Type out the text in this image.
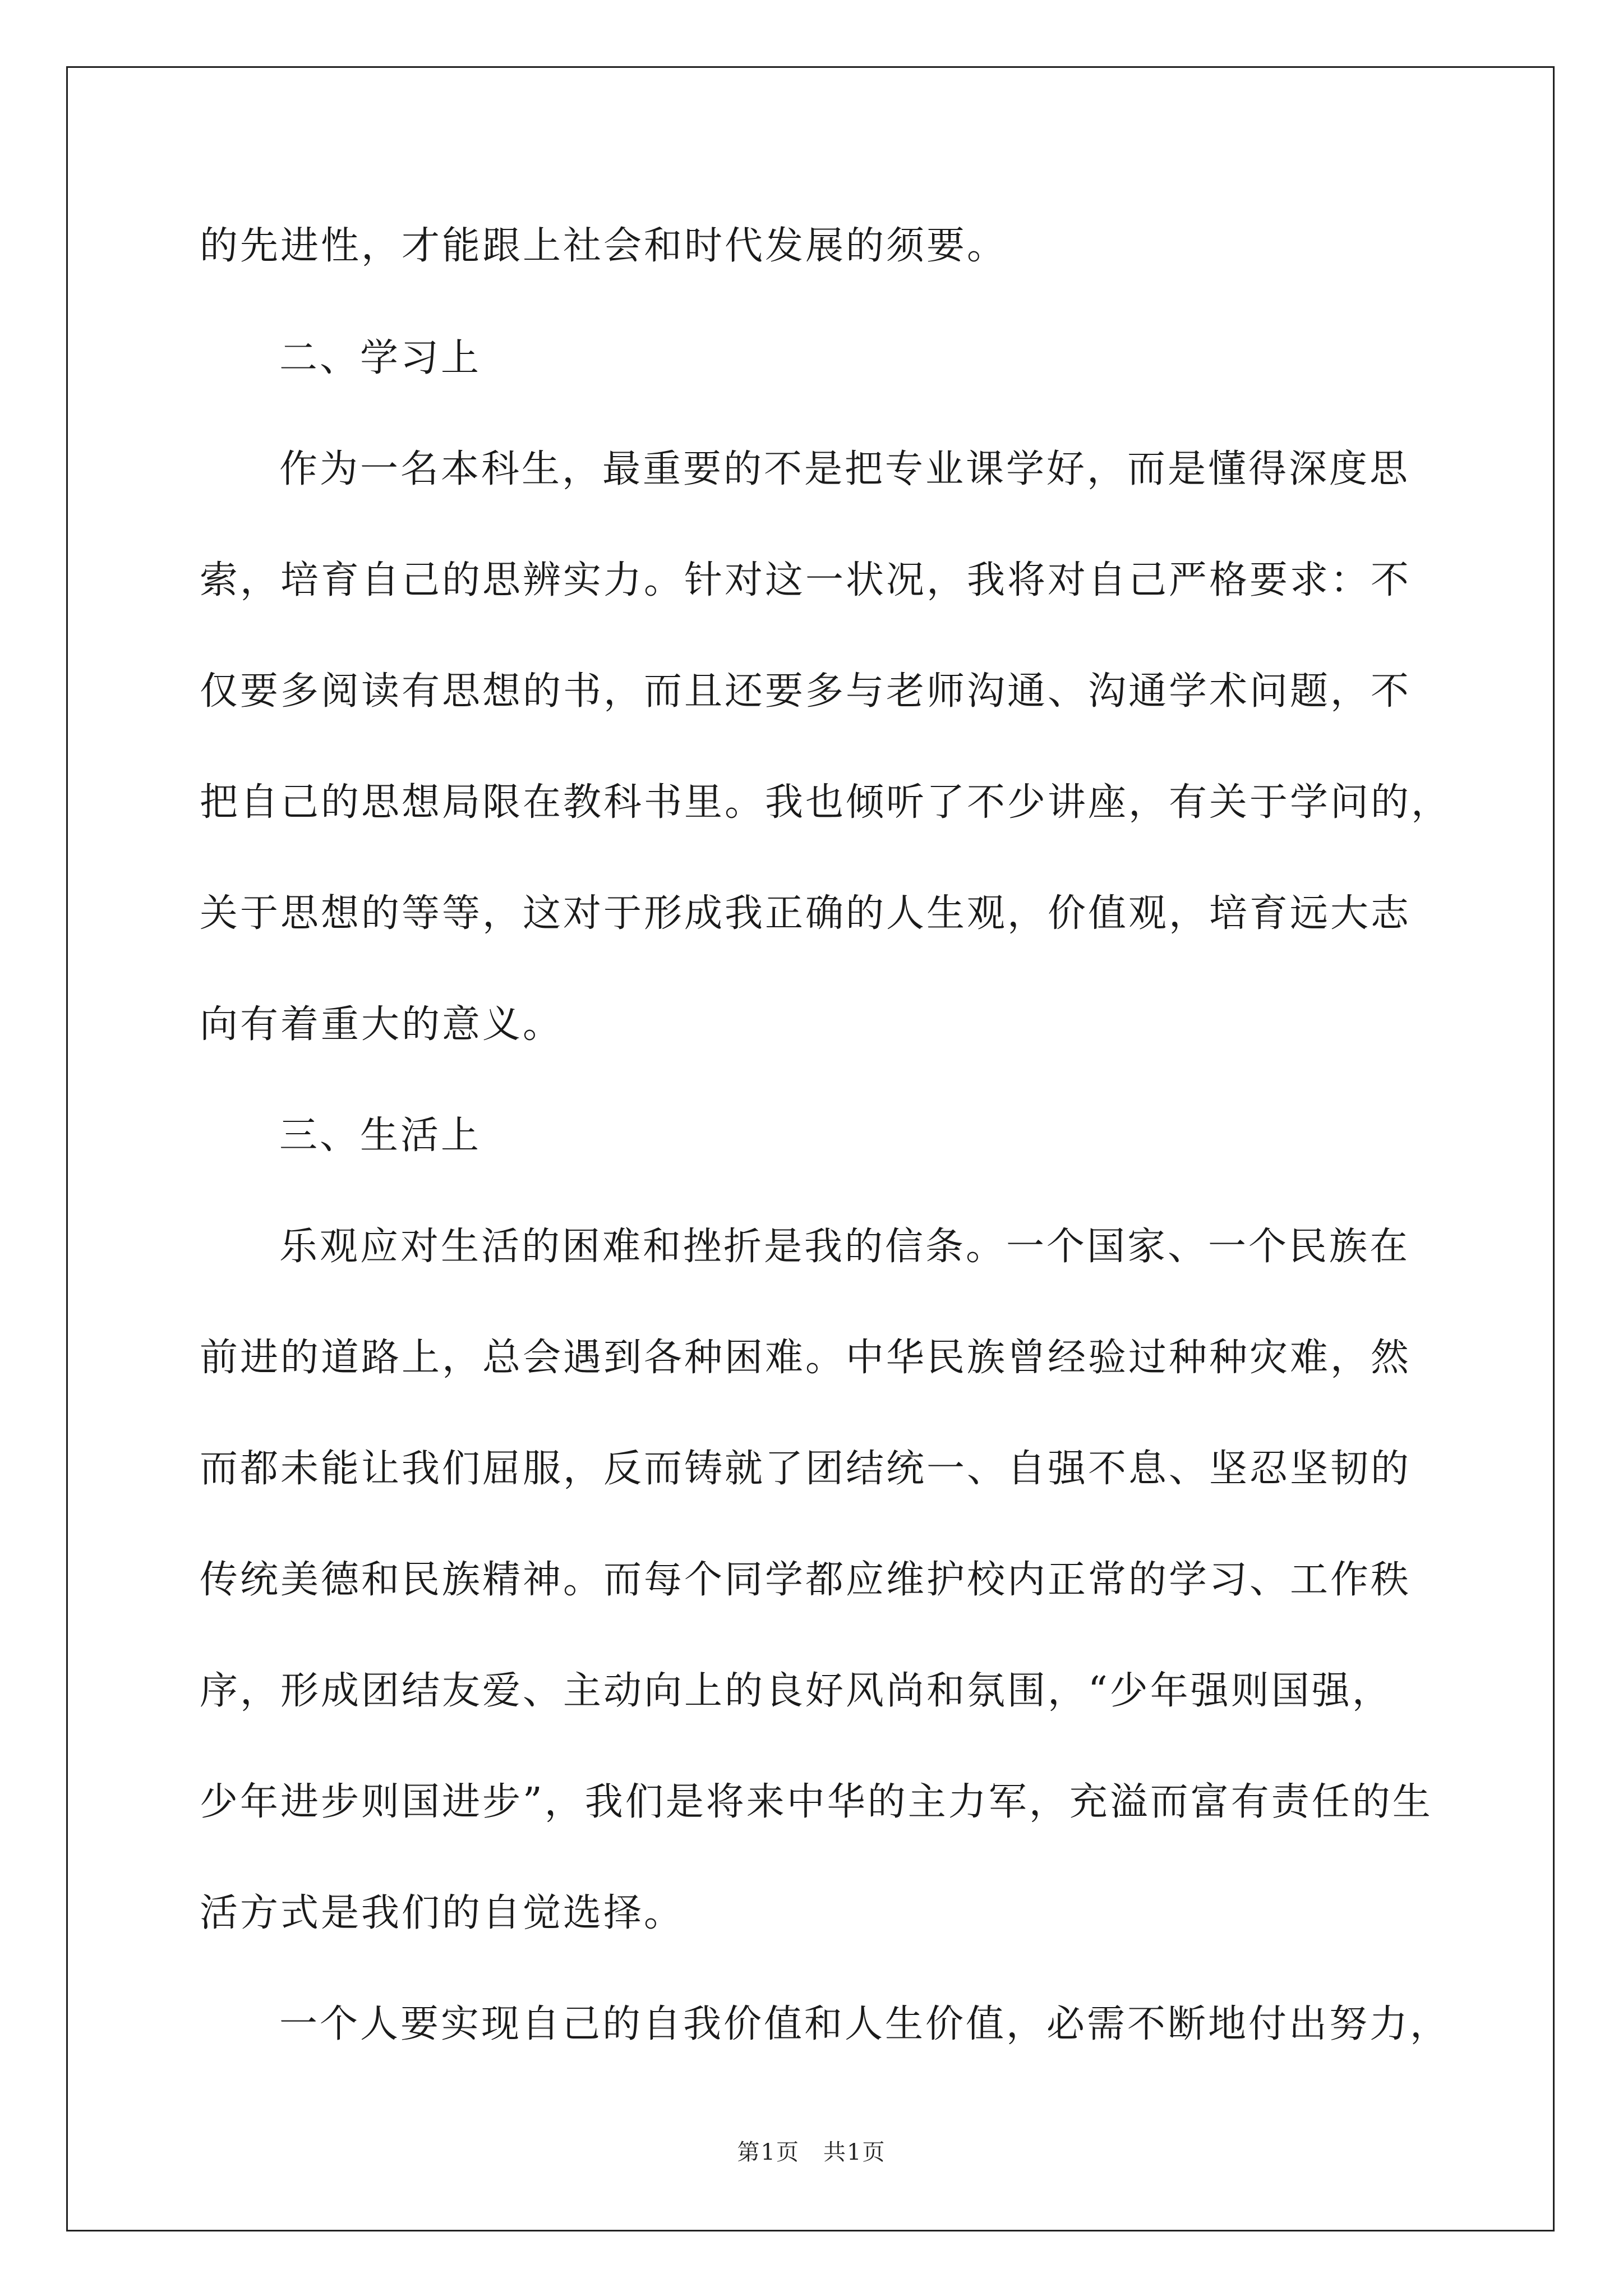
的先进性，才能跟上社会和时代发展的须要。
二、学习上
作为一名本科生，最重要的不是把专业课学好，而是懂得深度思
索，培育自己的思辨实力。针对这一状况，我将对自己严格要求：不
仅要多阅读有思想的书，而且还要多与老师沟通、沟通学术问题，不
把自己的思想局限在教科书里。我也倾听了不少讲座，有关于学问的，
关于思想的等等，这对于形成我正确的人生观，价值观，培育远大志
向有着重大的意义。
三、生活上
乐观应对生活的困难和挫折是我的信条。一个国家、一个民族在
前进的道路上，总会遇到各种困难。中华民族曾经验过种种灾难，然
而都未能让我们屈服，反而铸就了团结统一、自强不息、坚忍坚韧的
传统美德和民族精神。而每个同学都应维护校内正常的学习、工作秩
序，形成团结友爱、主动向上的良好风尚和氛围，“少年强则国强，
少年进步则国进步”，我们是将来中华的主力军，充溢而富有责任的生
活方式是我们的自觉选择。
一个人要实现自己的自我价值和人生价值，必需不断地付出努力，
第1页　共1页
